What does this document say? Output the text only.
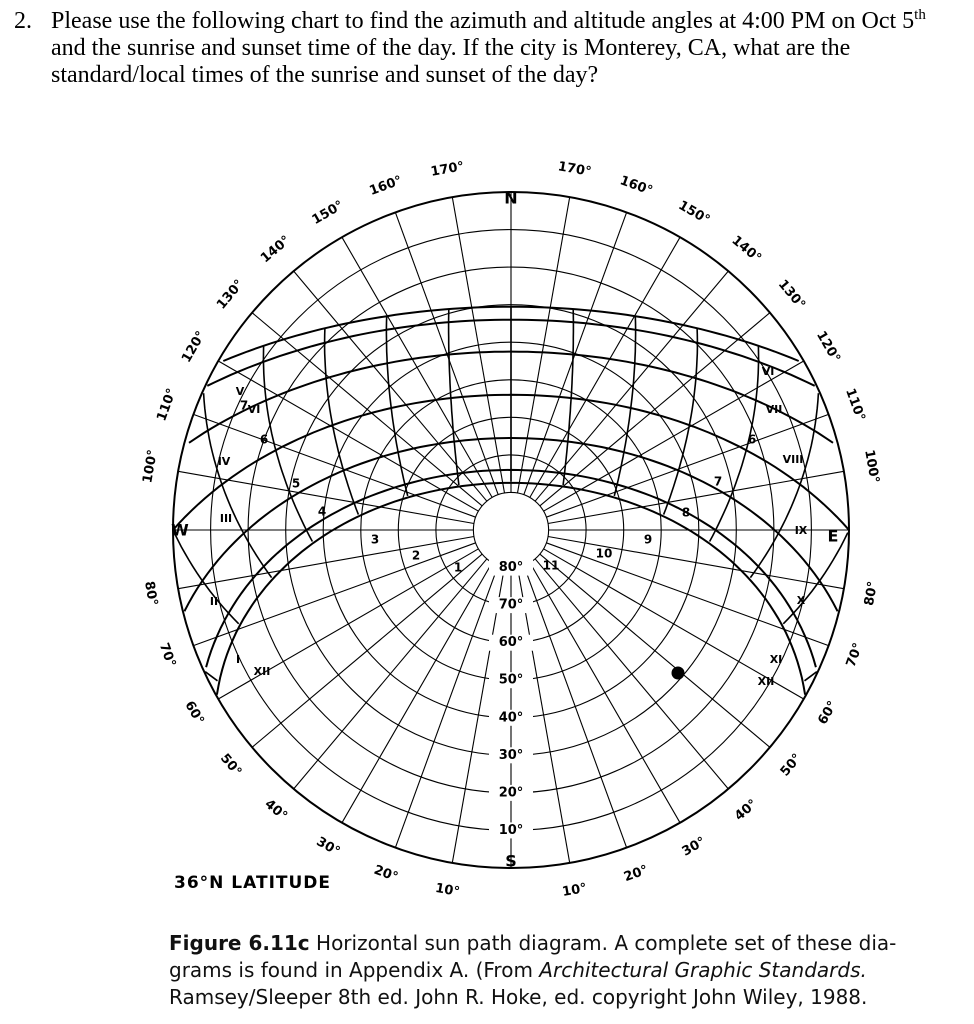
2. Please use the following chart to find the azimuth and altitude angles at 4:00 PM on Oct 5th and the sunrise and sunset time of the day. If the city is Monterey, CA, what are the standard/local times of the sunrise and sunset of the day?
N
S
W	E
170°
160°
150°
140°
130°
120°
110°
100°
170°
160°
150°
140°
130°
120°
110°
100°
80°
70°
60°
50°
40°
30°
20°
10°
80°
70°
60°
50°
40°
30°
20°
10°
80°
70°
60°
50°
40°
30°
20°
10°
I
II
III
IV
V
VI
XII
VI
VII
VIII
IX
X
XI
XII
1
2
3
4
5
6
7
6
7
8
9
10
11
36°N LATITUDE
Figure 6.11c Horizontal sun path diagram. A complete set of these dia-grams is found in Appendix A. (From Architectural Graphic Standards. Ramsey/Sleeper 8th ed. John R. Hoke, ed. copyright John Wiley, 1988.
